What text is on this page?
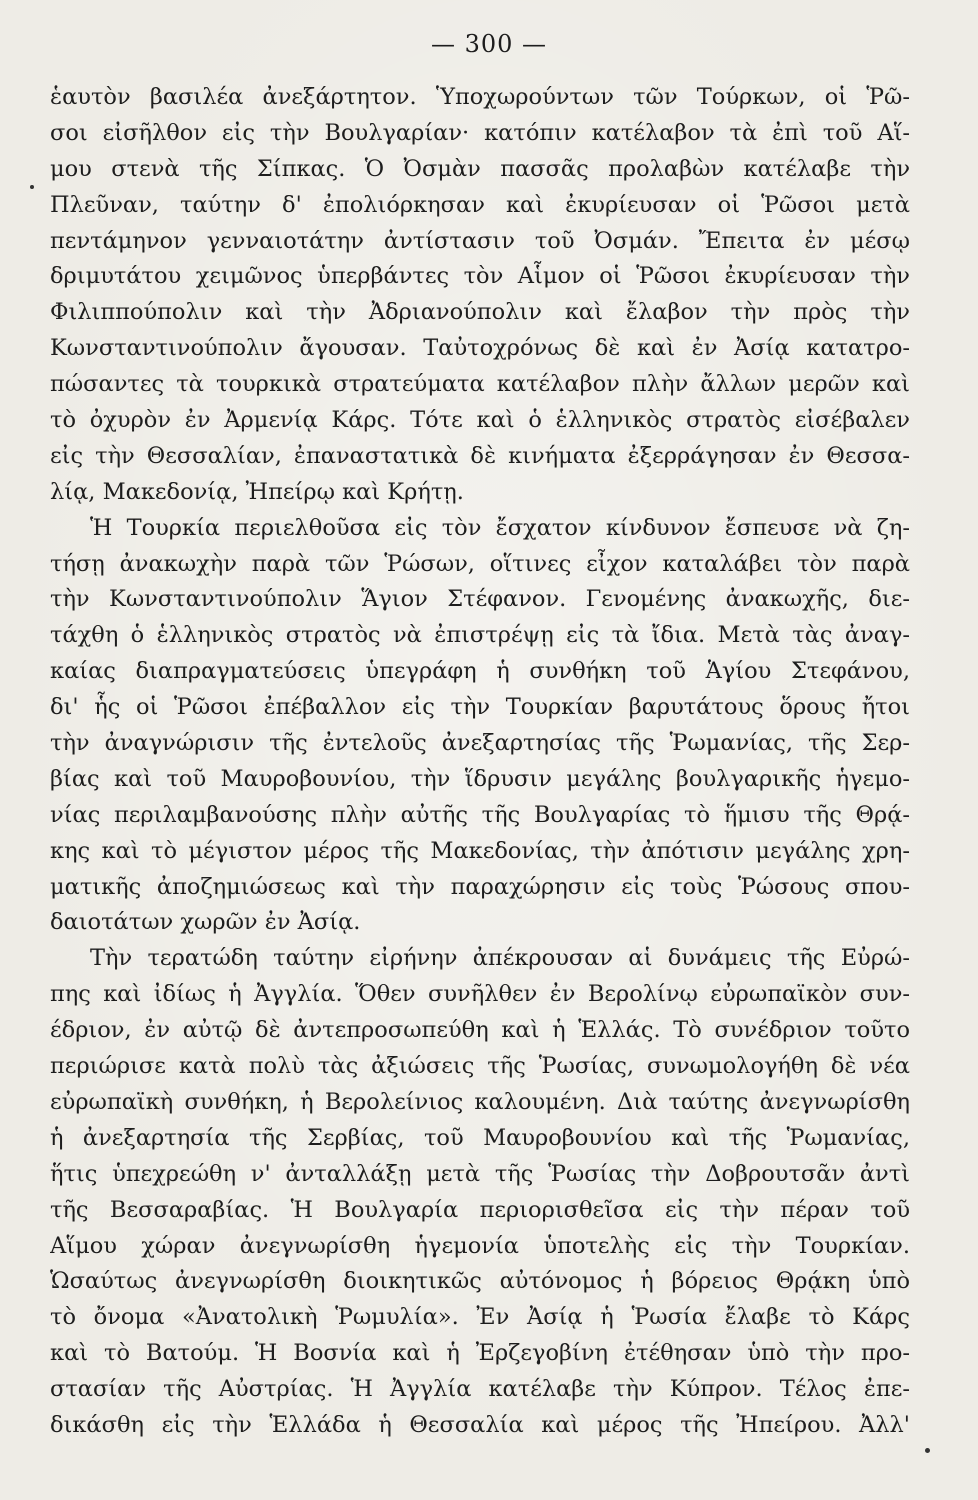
— 300 —
ἑαυτὸν βασιλέα ἀνεξάρτητον. Ὑποχωρούντων τῶν Τούρκων, οἱ Ῥῶ-
σοι εἰσῆλθον εἰς τὴν Βουλγαρίαν· κατόπιν κατέλαβον τὰ ἐπὶ τοῦ Αἵ-
μου στενὰ τῆς Σίπκας. Ὁ Ὀσμὰν πασσᾶς προλαβὼν κατέλαβε τὴν
Πλεῦναν, ταύτην δ' ἐπολιόρκησαν καὶ ἐκυρίευσαν οἱ Ῥῶσοι μετὰ
πεντάμηνον γενναιοτάτην ἀντίστασιν τοῦ Ὀσμάν. Ἔπειτα ἐν μέσῳ
δριμυτάτου χειμῶνος ὑπερβάντες τὸν Αἷμον οἱ Ῥῶσοι ἐκυρίευσαν τὴν
Φιλιππούπολιν καὶ τὴν Ἀδριανούπολιν καὶ ἔλαβον τὴν πρὸς τὴν
Κωνσταντινούπολιν ἄγουσαν. Ταὐτοχρόνως δὲ καὶ ἐν Ἀσίᾳ κατατρο-
πώσαντες τὰ τουρκικὰ στρατεύματα κατέλαβον πλὴν ἄλλων μερῶν καὶ
τὸ ὀχυρὸν ἐν Ἀρμενίᾳ Κάρς. Τότε καὶ ὁ ἑλληνικὸς στρατὸς εἰσέβαλεν
εἰς τὴν Θεσσαλίαν, ἐπαναστατικὰ δὲ κινήματα ἐξερράγησαν ἐν Θεσσα-
λίᾳ, Μακεδονίᾳ, Ἠπείρῳ καὶ Κρήτῃ.
Ἡ Τουρκία περιελθοῦσα εἰς τὸν ἔσχατον κίνδυνον ἔσπευσε νὰ ζη-
τήσῃ ἀνακωχὴν παρὰ τῶν Ῥώσων, οἵτινες εἶχον καταλάβει τὸν παρὰ
τὴν Κωνσταντινούπολιν Ἅγιον Στέφανον. Γενομένης ἀνακωχῆς, διε-
τάχθη ὁ ἑλληνικὸς στρατὸς νὰ ἐπιστρέψῃ εἰς τὰ ἴδια. Μετὰ τὰς ἀναγ-
καίας διαπραγματεύσεις ὑπεγράφη ἡ συνθήκη τοῦ Ἁγίου Στεφάνου,
δι' ἧς οἱ Ῥῶσοι ἐπέβαλλον εἰς τὴν Τουρκίαν βαρυτάτους ὅρους ἤτοι
τὴν ἀναγνώρισιν τῆς ἐντελοῦς ἀνεξαρτησίας τῆς Ῥωμανίας, τῆς Σερ-
βίας καὶ τοῦ Μαυροβουνίου, τὴν ἵδρυσιν μεγάλης βουλγαρικῆς ἡγεμο-
νίας περιλαμβανούσης πλὴν αὐτῆς τῆς Βουλγαρίας τὸ ἥμισυ τῆς Θρᾴ-
κης καὶ τὸ μέγιστον μέρος τῆς Μακεδονίας, τὴν ἀπότισιν μεγάλης χρη-
ματικῆς ἀποζημιώσεως καὶ τὴν παραχώρησιν εἰς τοὺς Ῥώσους σπου-
δαιοτάτων χωρῶν ἐν Ἀσίᾳ.
Τὴν τερατώδη ταύτην εἰρήνην ἀπέκρουσαν αἱ δυνάμεις τῆς Εὐρώ-
πης καὶ ἰδίως ἡ Ἀγγλία. Ὅθεν συνῆλθεν ἐν Βερολίνῳ εὐρωπαϊκὸν συν-
έδριον, ἐν αὐτῷ δὲ ἀντεπροσωπεύθη καὶ ἡ Ἑλλάς. Τὸ συνέδριον τοῦτο
περιώρισε κατὰ πολὺ τὰς ἀξιώσεις τῆς Ῥωσίας, συνωμολογήθη δὲ νέα
εὐρωπαϊκὴ συνθήκη, ἡ Βερολείνιος καλουμένη. Διὰ ταύτης ἀνεγνωρίσθη
ἡ ἀνεξαρτησία τῆς Σερβίας, τοῦ Μαυροβουνίου καὶ τῆς Ῥωμανίας,
ἥτις ὑπεχρεώθη ν' ἀνταλλάξῃ μετὰ τῆς Ῥωσίας τὴν Δοβρουτσᾶν ἀντὶ
τῆς Βεσσαραβίας. Ἡ Βουλγαρία περιορισθεῖσα εἰς τὴν πέραν τοῦ
Αἵμου χώραν ἀνεγνωρίσθη ἡγεμονία ὑποτελὴς εἰς τὴν Τουρκίαν.
Ὡσαύτως ἀνεγνωρίσθη διοικητικῶς αὐτόνομος ἡ βόρειος Θρᾴκη ὑπὸ
τὸ ὄνομα «Ἀνατολικὴ Ῥωμυλία». Ἐν Ἀσίᾳ ἡ Ῥωσία ἔλαβε τὸ Κάρς
καὶ τὸ Βατούμ. Ἡ Βοσνία καὶ ἡ Ἐρζεγοβίνη ἐτέθησαν ὑπὸ τὴν προ-
στασίαν τῆς Αὐστρίας. Ἡ Ἀγγλία κατέλαβε τὴν Κύπρον. Τέλος ἐπε-
δικάσθη εἰς τὴν Ἑλλάδα ἡ Θεσσαλία καὶ μέρος τῆς Ἠπείρου. Ἀλλ'
